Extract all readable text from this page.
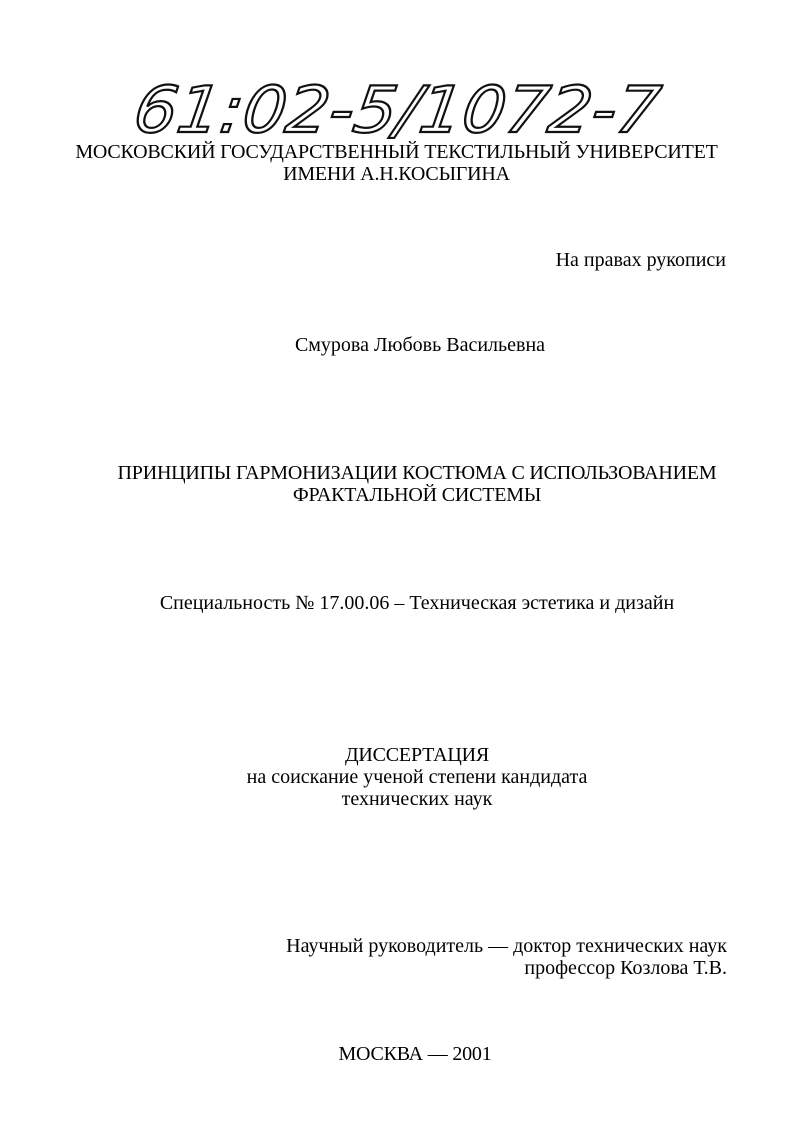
61:02-5/1072-7
МОСКОВСКИЙ ГОСУДАРСТВЕННЫЙ ТЕКСТИЛЬНЫЙ УНИВЕРСИТЕТ
ИМЕНИ А.Н.КОСЫГИНА
На правах рукописи
Смурова Любовь Васильевна
ПРИНЦИПЫ ГАРМОНИЗАЦИИ КОСТЮМА С ИСПОЛЬЗОВАНИЕМ
ФРАКТАЛЬНОЙ СИСТЕМЫ
Специальность № 17.00.06 – Техническая эстетика и дизайн
ДИССЕРТАЦИЯ
на соискание ученой степени кандидата
технических наук
Научный руководитель — доктор технических наук
профессор Козлова Т.В.
МОСКВА — 2001
